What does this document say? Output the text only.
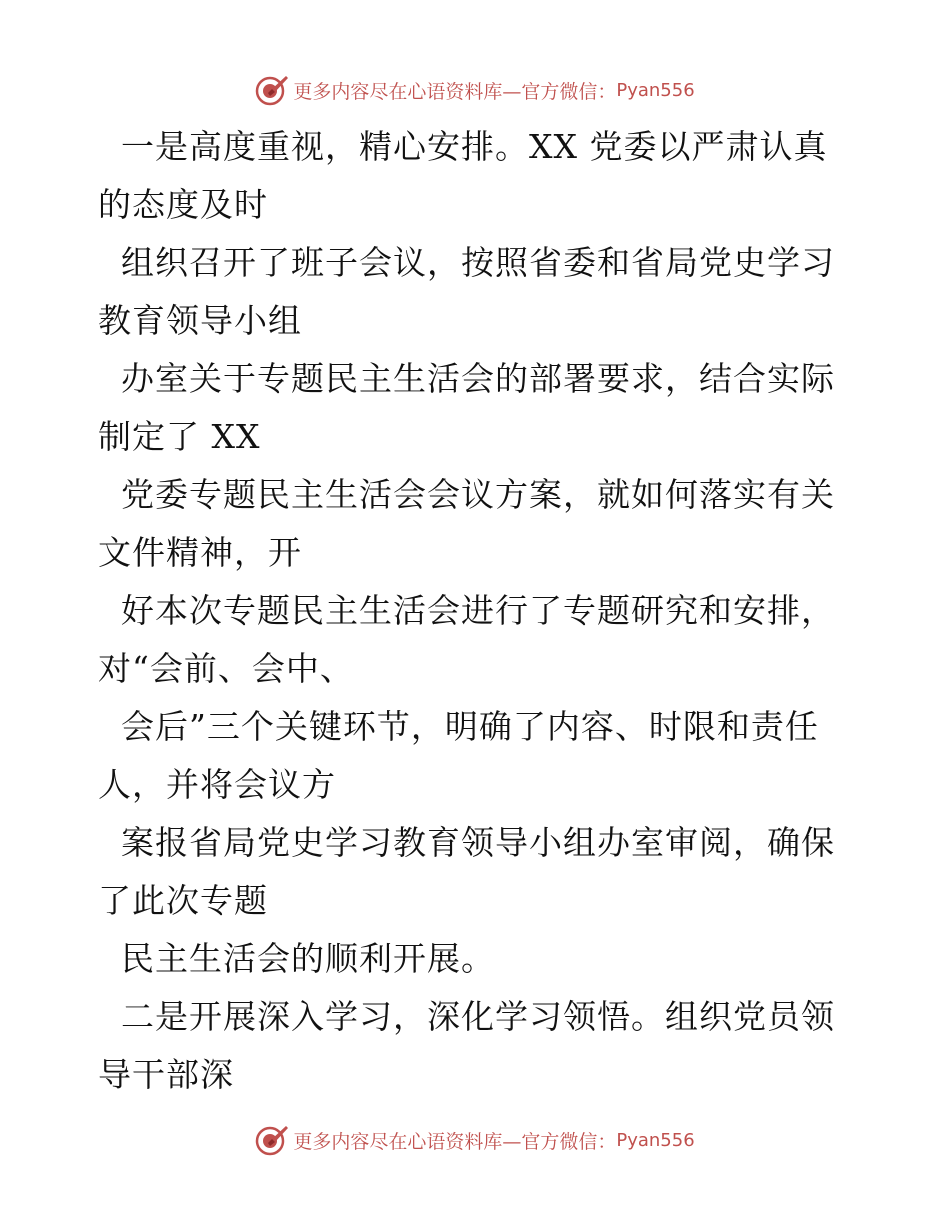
更多内容尽在心语资料库—官方微信： Pyan556

一是高度重视，精心安排。XX 党委以严肃认真的态度及时

组织召开了班子会议，按照省委和省局党史学习教育领导小组

办室关于专题民主生活会的部署要求，结合实际制定了 XX

党委专题民主生活会会议方案，就如何落实有关文件精神，开

好本次专题民主生活会进行了专题研究和安排，对“会前、会中、

会后”三个关键环节，明确了内容、时限和责任人，并将会议方

案报省局党史学习教育领导小组办室审阅，确保了此次专题

民主生活会的顺利开展。

二是开展深入学习，深化学习领悟。组织党员领导干部深

更多内容尽在心语资料库—官方微信： Pyan556
